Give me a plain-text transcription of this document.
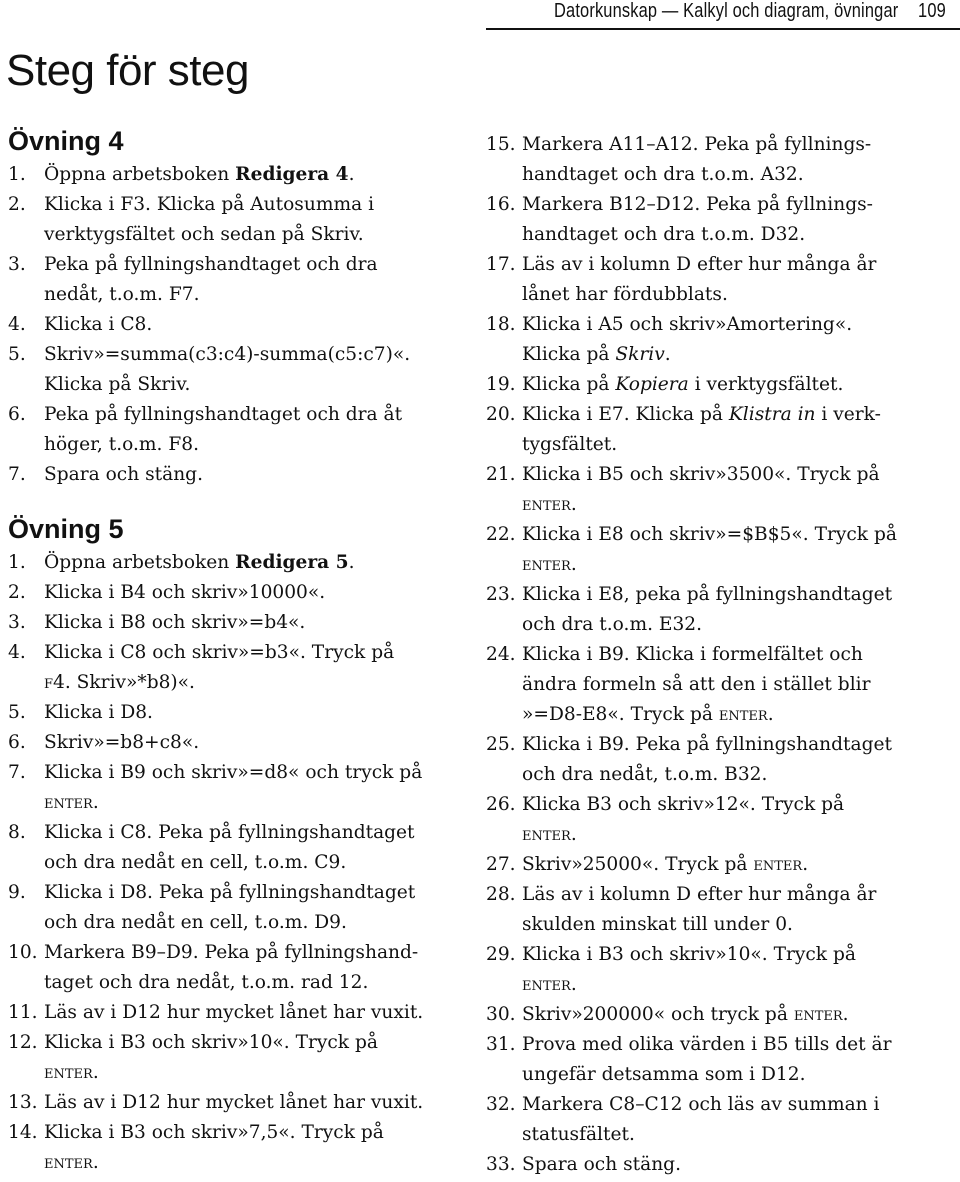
Datorkunskap — Kalkyl och diagram, övningar 109
Steg för steg
Övning 4
1. Öppna arbetsboken Redigera 4.
2. Klicka i F3. Klicka på Autosumma i
verktygsfältet och sedan på Skriv.
3. Peka på fyllningshandtaget och dra
nedåt, t.o.m. F7.
4. Klicka i C8.
5. Skriv»=summa(c3:c4)-summa(c5:c7)«.
Klicka på Skriv.
6. Peka på fyllningshandtaget och dra åt
höger, t.o.m. F8.
7. Spara och stäng.
Övning 5
1. Öppna arbetsboken Redigera 5.
2. Klicka i B4 och skriv»10000«.
3. Klicka i B8 och skriv»=b4«.
4. Klicka i C8 och skriv»=b3«. Tryck på
f4. Skriv»*b8)«.
5. Klicka i D8.
6. Skriv»=b8+c8«.
7. Klicka i B9 och skriv»=d8« och tryck på
enter.
8. Klicka i C8. Peka på fyllningshandtaget
och dra nedåt en cell, t.o.m. C9.
9. Klicka i D8. Peka på fyllningshandtaget
och dra nedåt en cell, t.o.m. D9.
10. Markera B9–D9. Peka på fyllningshand-
taget och dra nedåt, t.o.m. rad 12.
11. Läs av i D12 hur mycket lånet har vuxit.
12. Klicka i B3 och skriv»10«. Tryck på
enter.
13. Läs av i D12 hur mycket lånet har vuxit.
14. Klicka i B3 och skriv»7,5«. Tryck på
enter.
15. Markera A11–A12. Peka på fyllnings-
handtaget och dra t.o.m. A32.
16. Markera B12–D12. Peka på fyllnings-
handtaget och dra t.o.m. D32.
17. Läs av i kolumn D efter hur många år
lånet har fördubblats.
18. Klicka i A5 och skriv»Amortering«.
Klicka på Skriv.
19. Klicka på Kopiera i verktygsfältet.
20. Klicka i E7. Klicka på Klistra in i verk-
tygsfältet.
21. Klicka i B5 och skriv»3500«. Tryck på
enter.
22. Klicka i E8 och skriv»=$B$5«. Tryck på
enter.
23. Klicka i E8, peka på fyllningshandtaget
och dra t.o.m. E32.
24. Klicka i B9. Klicka i formelfältet och
ändra formeln så att den i stället blir
»=D8-E8«. Tryck på enter.
25. Klicka i B9. Peka på fyllningshandtaget
och dra nedåt, t.o.m. B32.
26. Klicka B3 och skriv»12«. Tryck på
enter.
27. Skriv»25000«. Tryck på enter.
28. Läs av i kolumn D efter hur många år
skulden minskat till under 0.
29. Klicka i B3 och skriv»10«. Tryck på
enter.
30. Skriv»200000« och tryck på enter.
31. Prova med olika värden i B5 tills det är
ungefär detsamma som i D12.
32. Markera C8–C12 och läs av summan i
statusfältet.
33. Spara och stäng.
